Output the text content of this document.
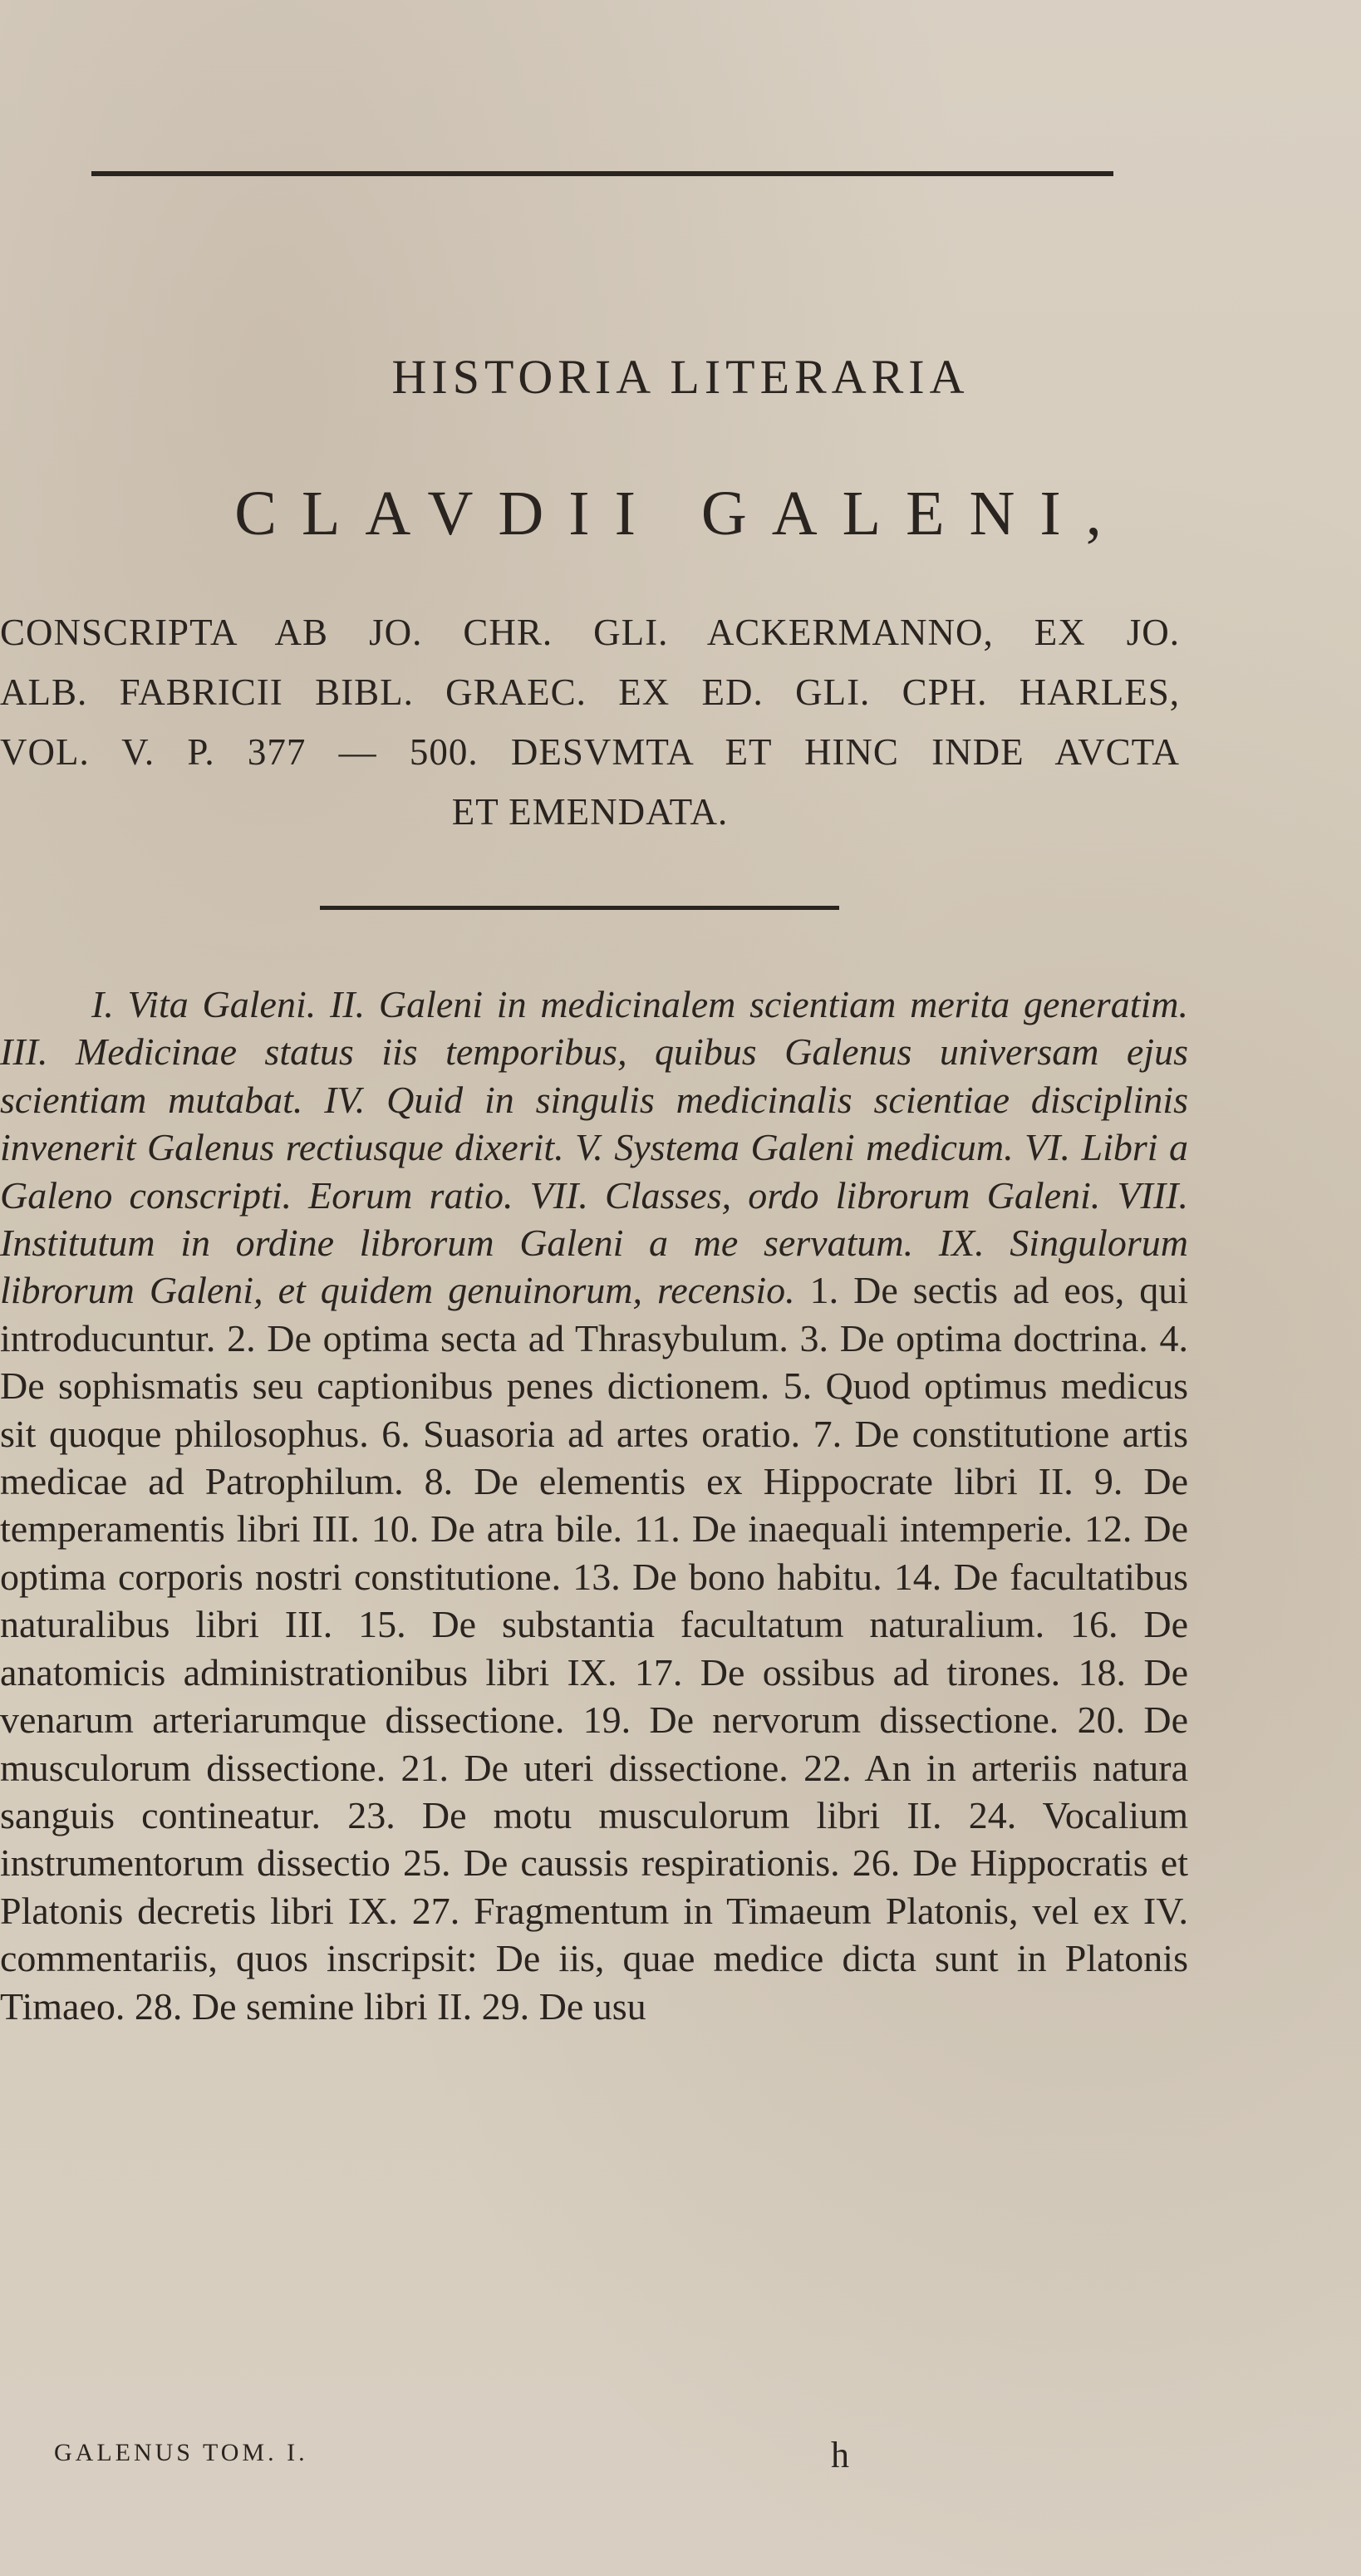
HISTORIA LITERARIA
CLAVDII GALENI,
CONSCRIPTA AB JO. CHR. GLI. ACKERMANNO, EX JO.
ALB. FABRICII BIBL. GRAEC. EX ED. GLI. CPH. HARLES,
VOL. V. P. 377 — 500. DESVMTA ET HINC INDE AVCTA
ET EMENDATA.

I. Vita Galeni. II. Galeni in medicinalem scientiam merita generatim. III. Medicinae status iis temporibus, quibus Galenus universam ejus scientiam mutabat. IV. Quid in singulis medicinalis scientiae disciplinis invenerit Galenus rectiusque dixerit. V. Systema Galeni medicum. VI. Libri a Galeno conscripti. Eorum ratio. VII. Classes, ordo librorum Galeni. VIII. Institutum in ordine librorum Galeni a me servatum. IX. Singulorum librorum Galeni, et quidem genuinorum, recensio. 1. De sectis ad eos, qui introducuntur. 2. De optima secta ad Thrasybulum. 3. De optima doctrina. 4. De sophismatis seu captionibus penes dictionem. 5. Quod optimus medicus sit quoque philosophus. 6. Suasoria ad artes oratio. 7. De constitutione artis medicae ad Patrophilum. 8. De elementis ex Hippocrate libri II. 9. De temperamentis libri III. 10. De atra bile. 11. De inaequali intemperie. 12. De optima corporis nostri constitutione. 13. De bono habitu. 14. De facultatibus naturalibus libri III. 15. De substantia facultatum naturalium. 16. De anatomicis administrationibus libri IX. 17. De ossibus ad tirones. 18. De venarum arteriarumque dissectione. 19. De nervorum dissectione. 20. De musculorum dissectione. 21. De uteri dissectione. 22. An in arteriis natura sanguis contineatur. 23. De motu musculorum libri II. 24. Vocalium instrumentorum dissectio 25. De caussis respirationis. 26. De Hippocratis et Platonis decretis libri IX. 27. Fragmentum in Timaeum Platonis, vel ex IV. commentariis, quos inscripsit: De iis, quae medice dicta sunt in Platonis Timaeo. 28. De semine libri II. 29. De usu

GALENUS TOM. I.	h
